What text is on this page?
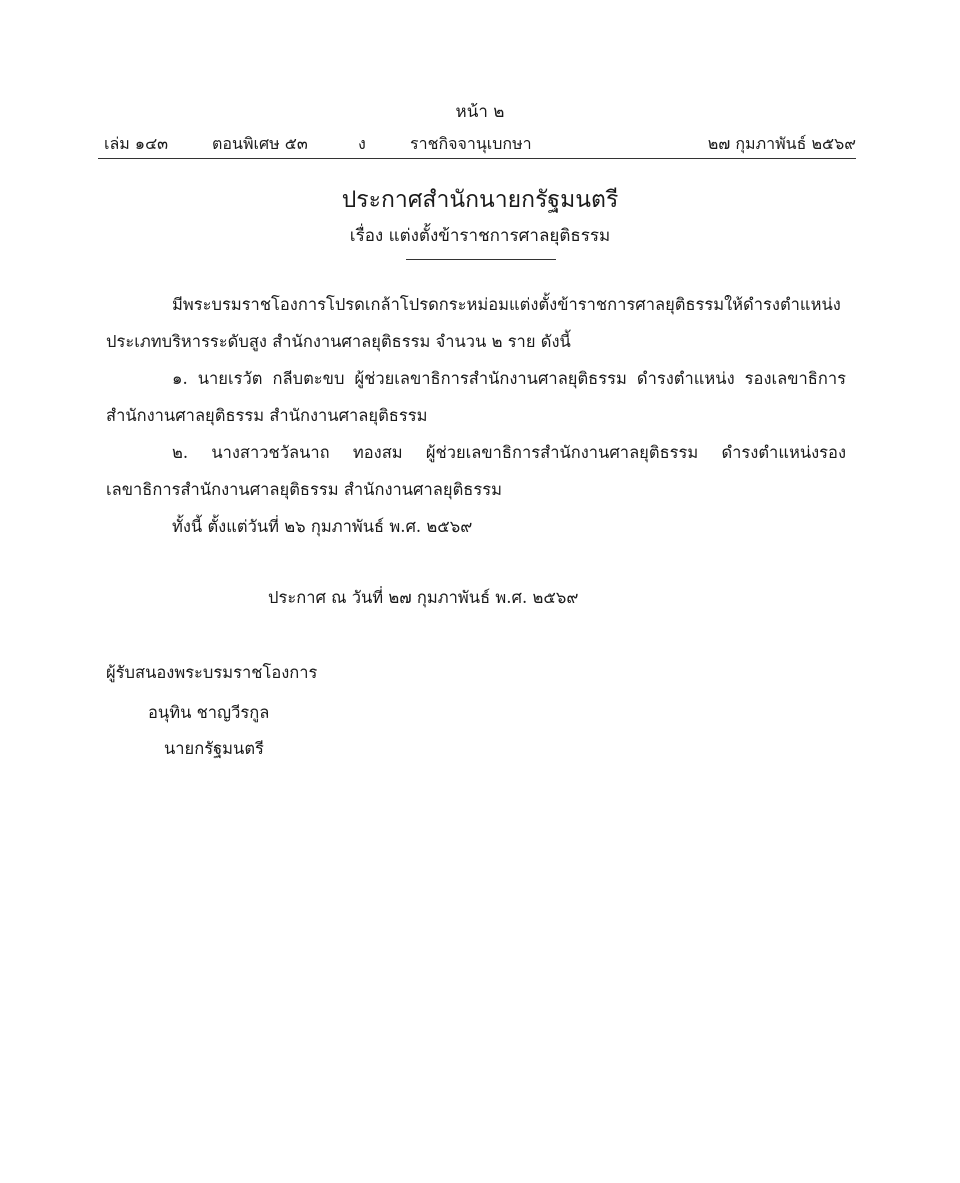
หน้า ๒
เล่ม ๑๔๓	ตอนพิเศษ ๕๓	ง	ราชกิจจานุเบกษา	๒๗ กุมภาพันธ์ ๒๕๖๙
ประกาศสำนักนายกรัฐมนตรี
เรื่อง แต่งตั้งข้าราชการศาลยุติธรรม
มีพระบรมราชโองการโปรดเกล้าโปรดกระหม่อมแต่งตั้งข้าราชการศาลยุติธรรมให้ดำรงตำแหน่งประเภทบริหารระดับสูง สำนักงานศาลยุติธรรม จำนวน ๒ ราย ดังนี้
๑. นายเรวัต กลีบตะขบ ผู้ช่วยเลขาธิการสำนักงานศาลยุติธรรม ดำรงตำแหน่ง รองเลขาธิการสำนักงานศาลยุติธรรม สำนักงานศาลยุติธรรม
๒. นางสาวชวัลนาถ ทองสม ผู้ช่วยเลขาธิการสำนักงานศาลยุติธรรม ดำรงตำแหน่งรองเลขาธิการสำนักงานศาลยุติธรรม สำนักงานศาลยุติธรรม
ทั้งนี้ ตั้งแต่วันที่ ๒๖ กุมภาพันธ์ พ.ศ. ๒๕๖๙
ประกาศ ณ วันที่ ๒๗ กุมภาพันธ์ พ.ศ. ๒๕๖๙
ผู้รับสนองพระบรมราชโองการ
อนุทิน ชาญวีรกูล
นายกรัฐมนตรี
